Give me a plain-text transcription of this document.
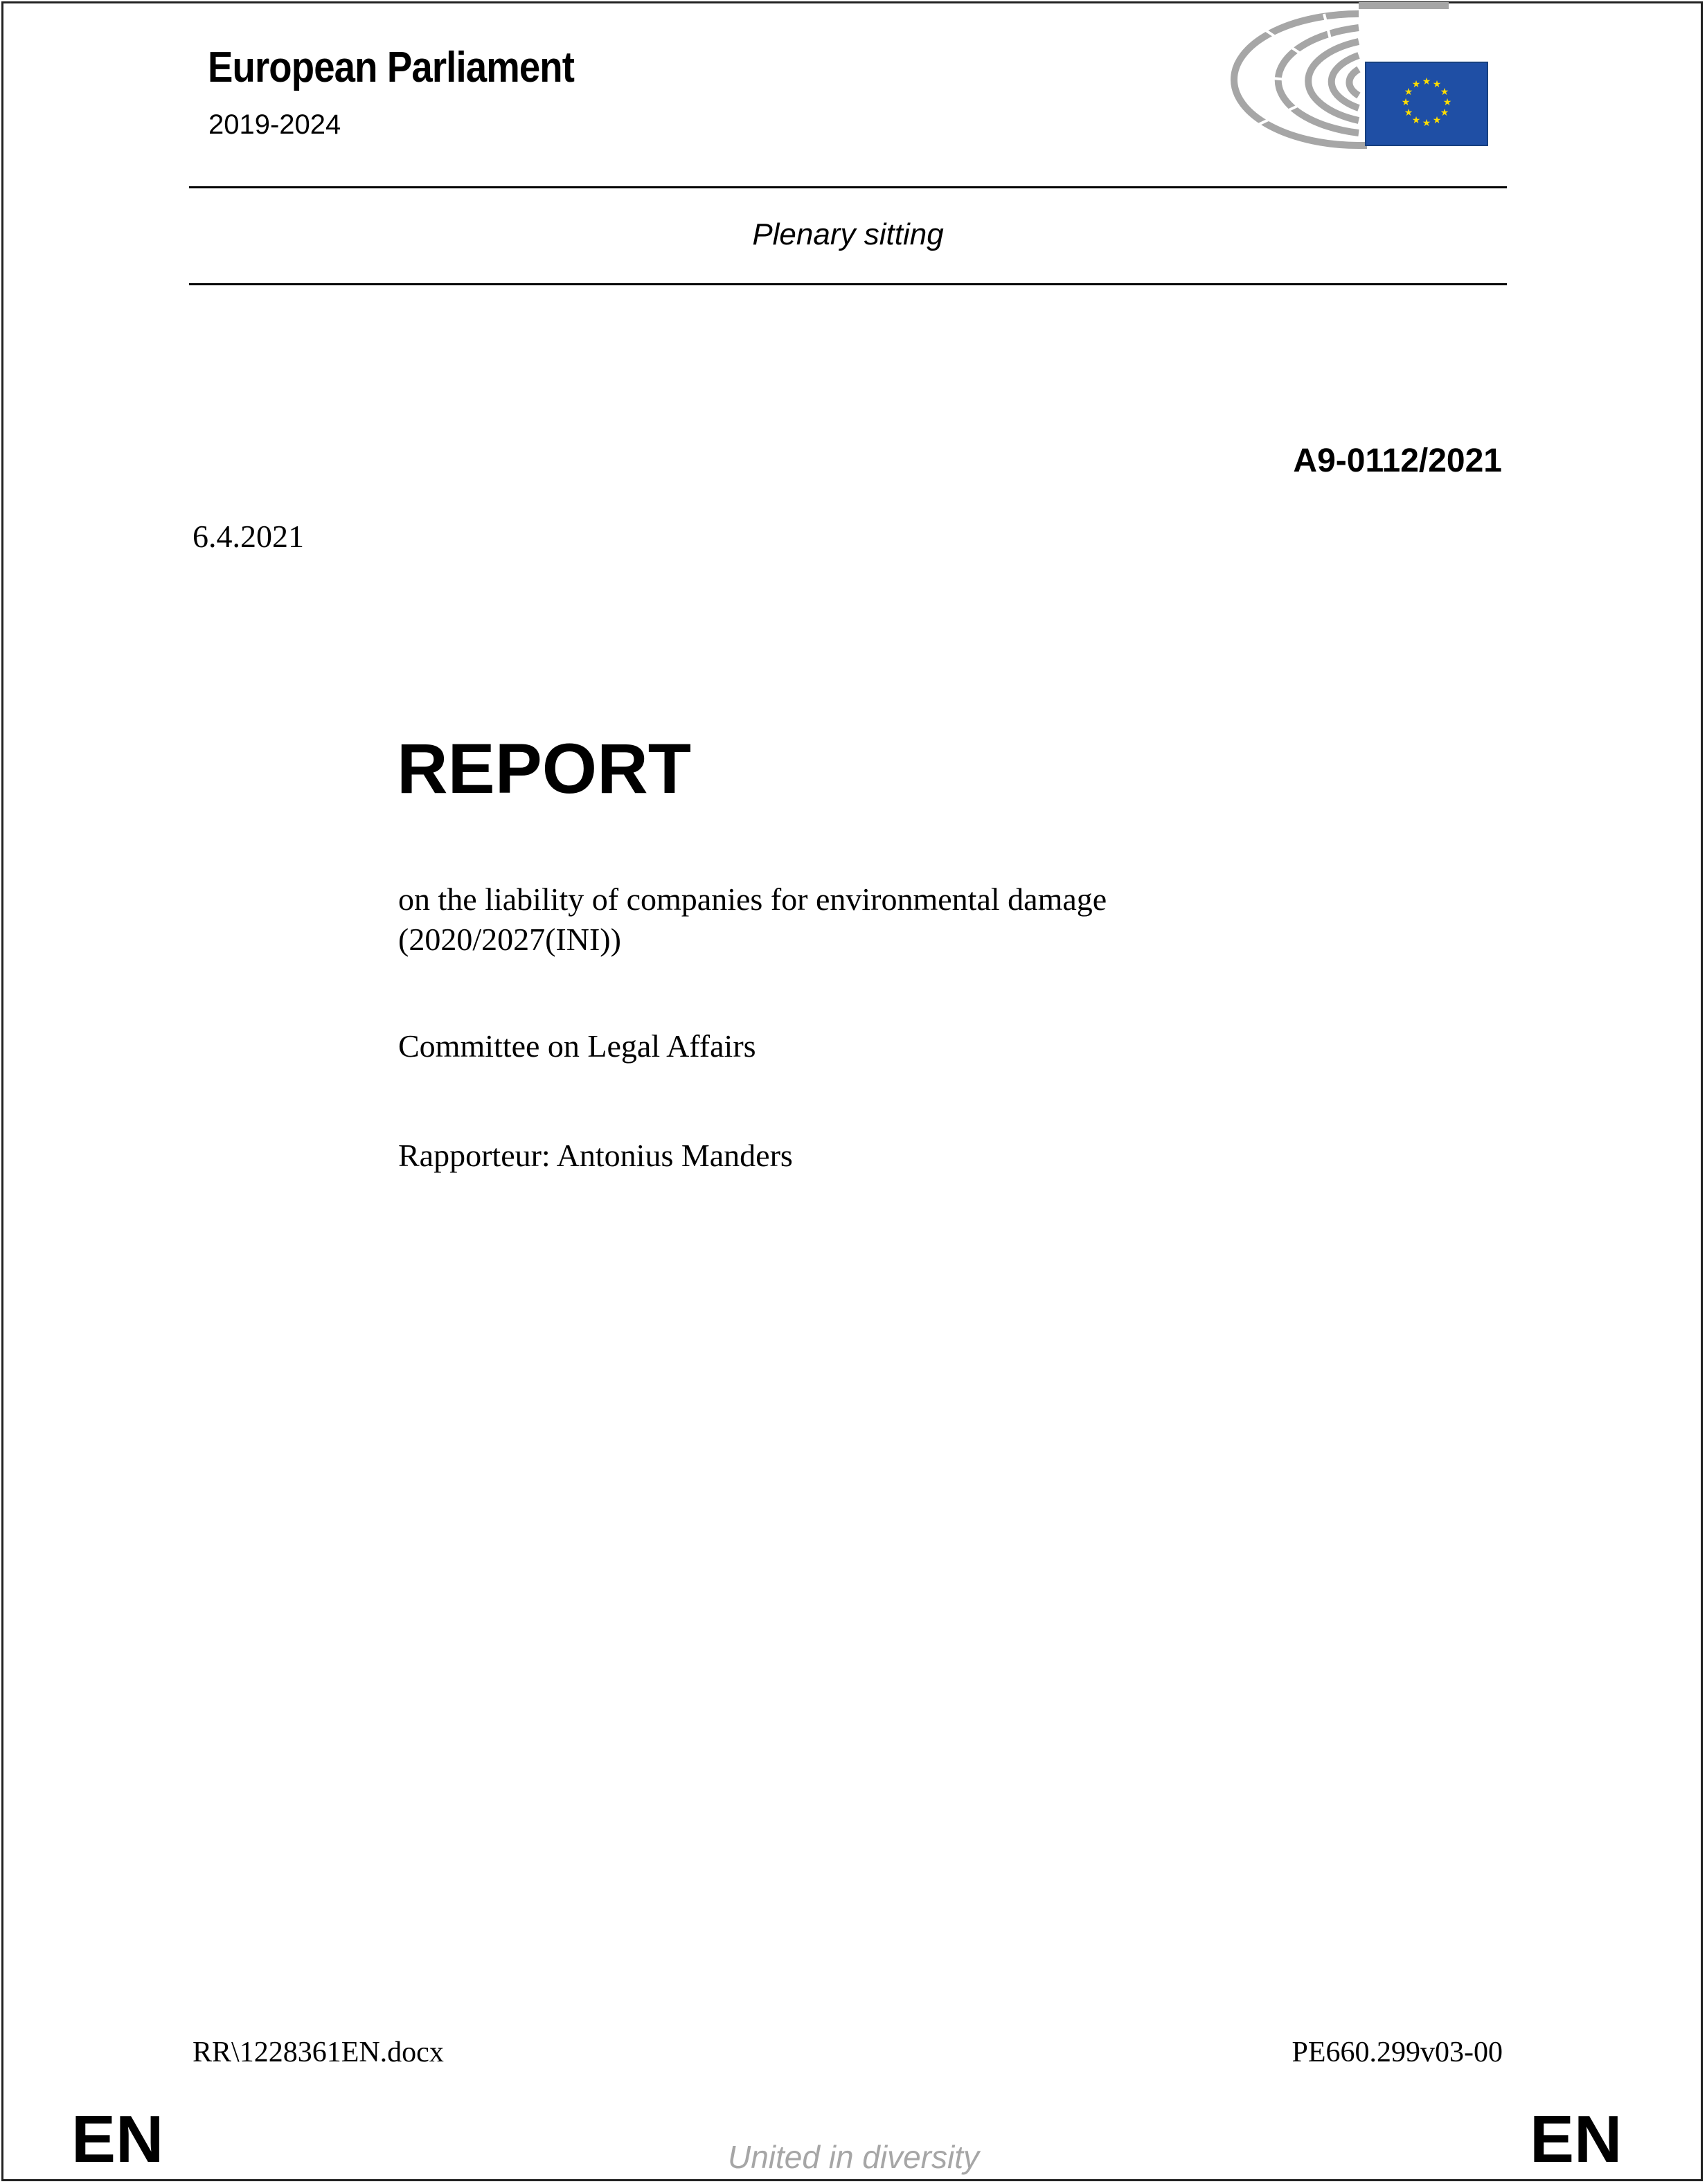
European Parliament
2019-2024
★ ★
★
★
★
★
★
★
★
★
★
★
Plenary sitting
A9-0112/2021
6.4.2021
REPORT
on the liability of companies for environmental damage
(2020/2027(INI))
Committee on Legal Affairs
Rapporteur: Antonius Manders
RR\1228361EN.docx	PE660.299v03-00
EN	United in diversity	EN
